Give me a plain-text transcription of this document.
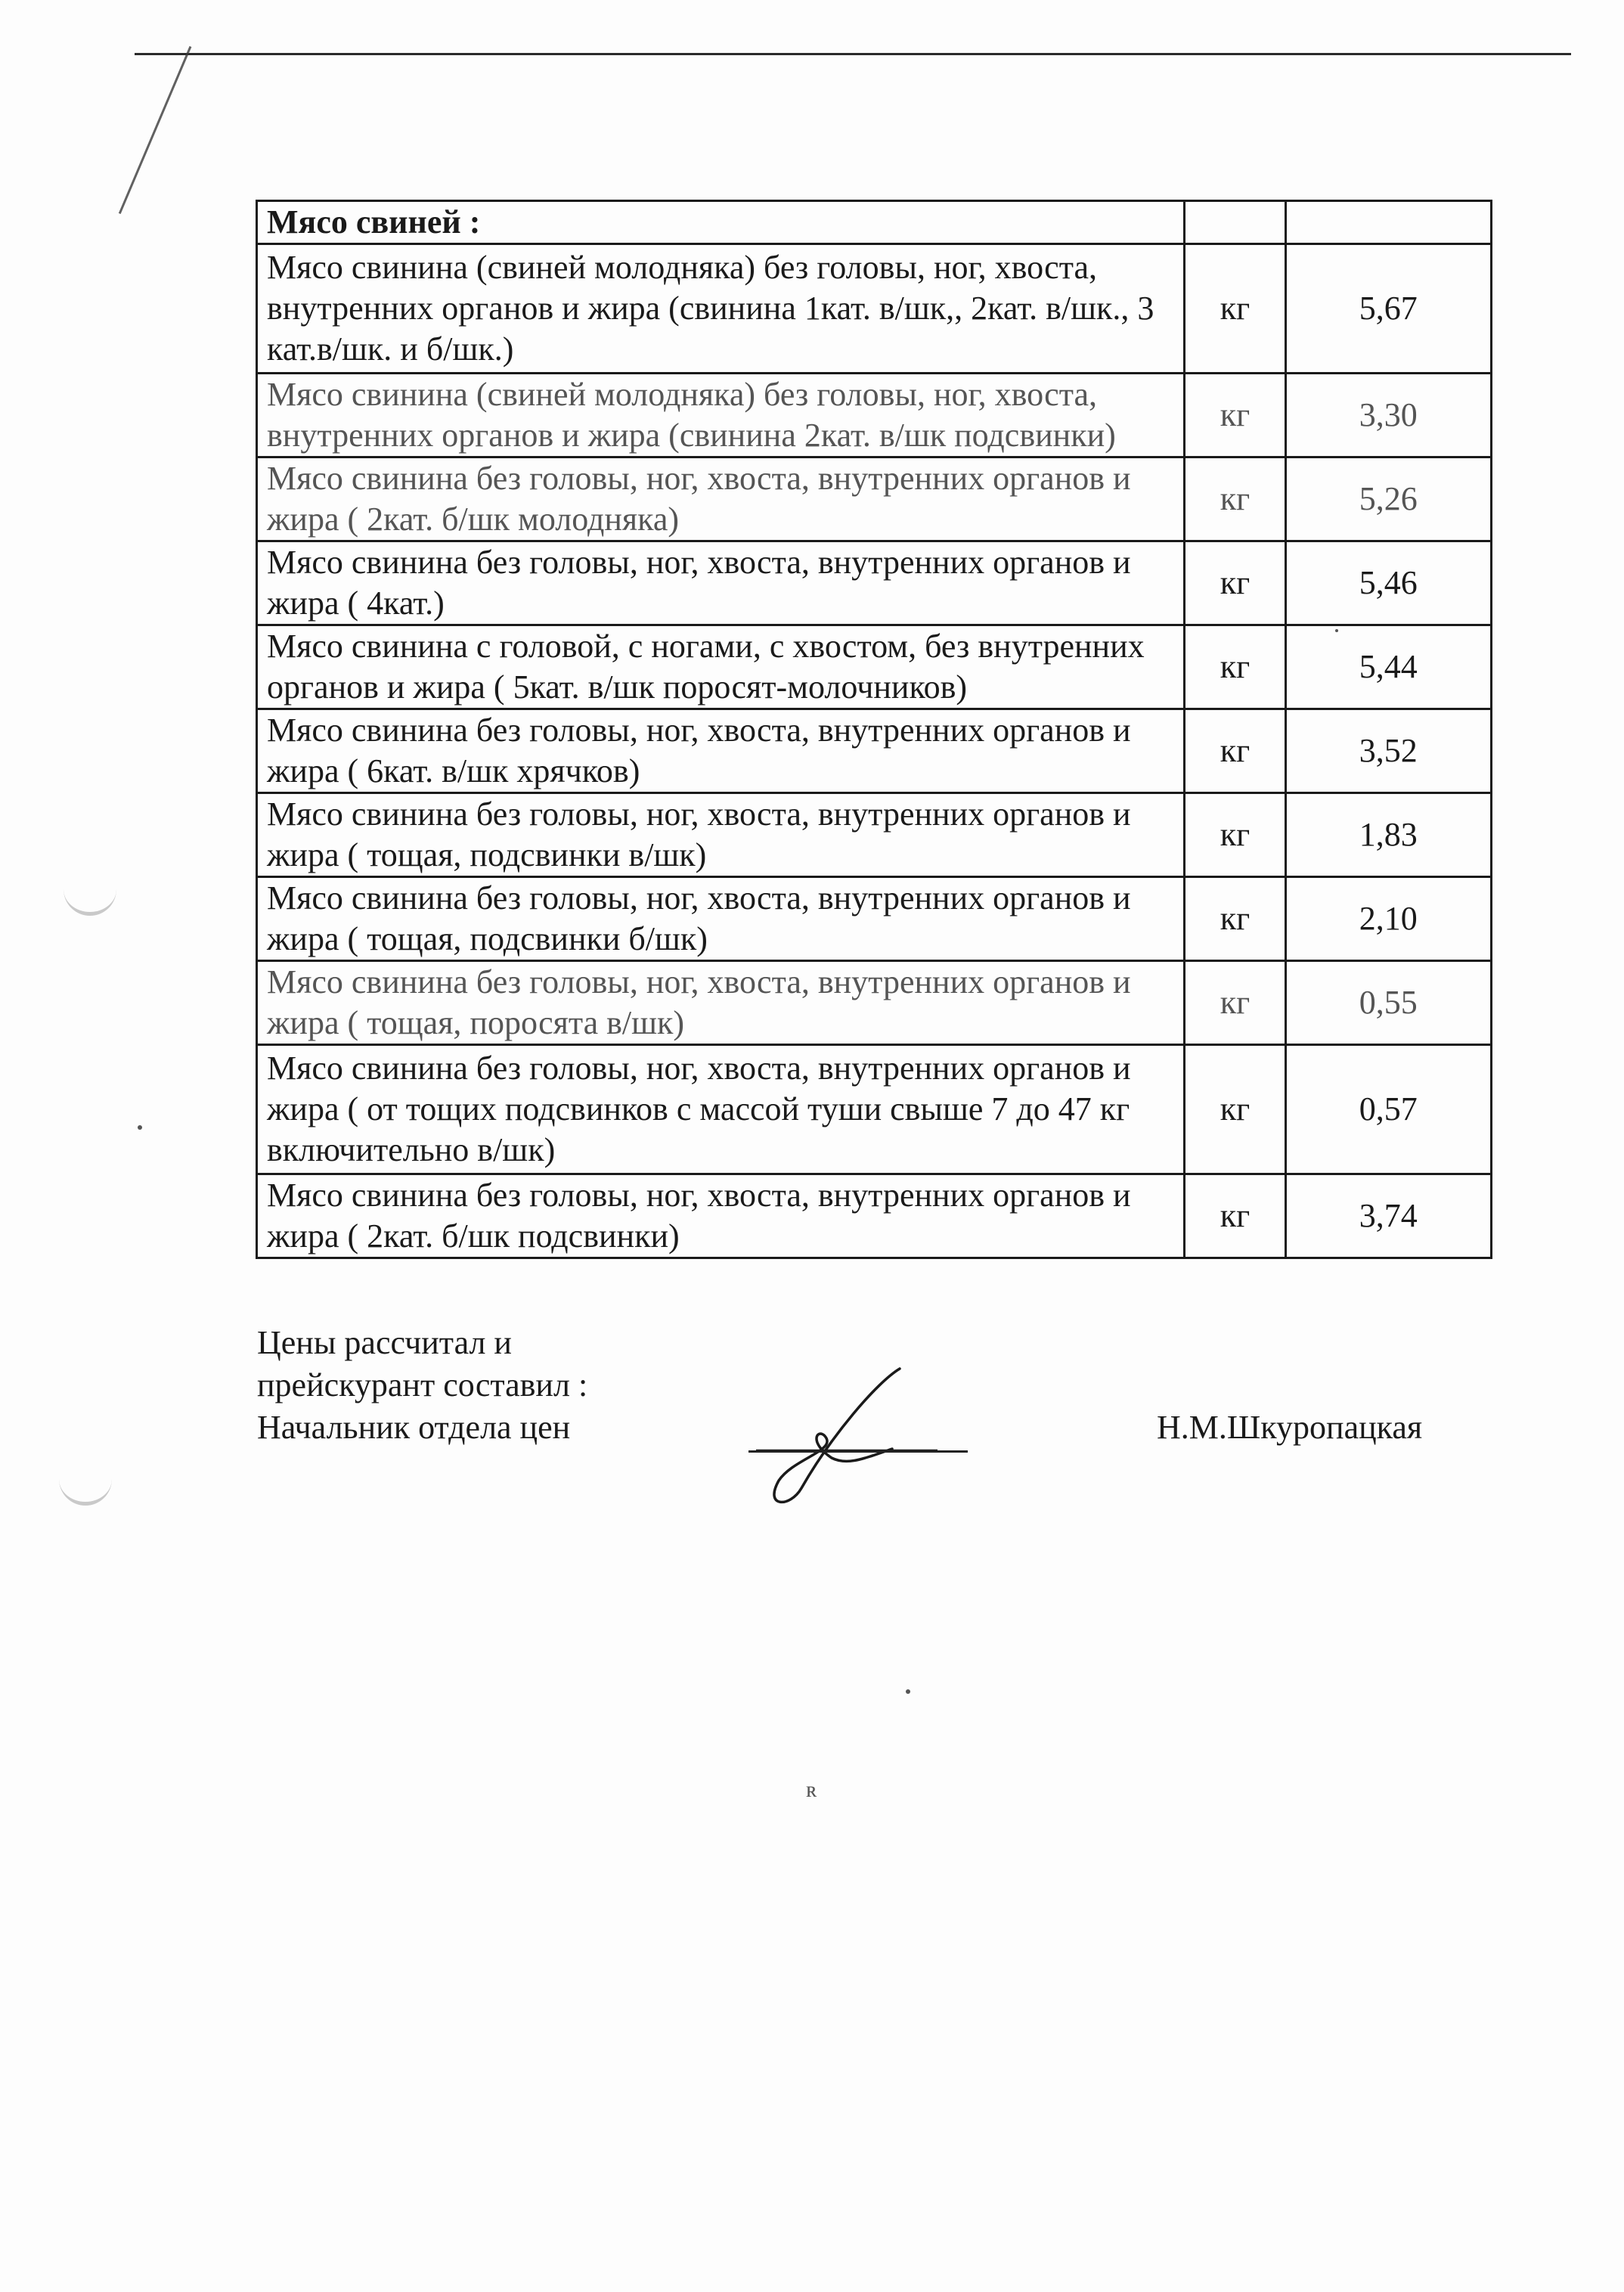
Мясо свиней :		

Мясо свинина (свиней молодняка) без головы, ног, хвоста,
внутренних органов и жира (свинина 1кат. в/шк,, 2кат. в/шк., 3
кат.в/шк. и б/шк.)	кг	5,67

Мясо свинина (свиней молодняка) без головы, ног, хвоста,
внутренних органов и жира (свинина 2кат. в/шк подсвинки)	кг	3,30

Мясо свинина без головы, ног, хвоста, внутренних органов и
жира ( 2кат. б/шк молодняка)	кг	5,26

Мясо свинина без головы, ног, хвоста, внутренних органов и
жира ( 4кат.)	кг	5,46

Мясо свинина с головой, с ногами, с хвостом, без внутренних
органов и жира ( 5кат. в/шк поросят-молочников)	кг	5,44

Мясо свинина без головы, ног, хвоста, внутренних органов и
жира ( 6кат. в/шк хрячков)	кг	3,52

Мясо свинина без головы, ног, хвоста, внутренних органов и
жира ( тощая, подсвинки в/шк)	кг	1,83

Мясо свинина без головы, ног, хвоста, внутренних органов и
жира ( тощая, подсвинки б/шк)	кг	2,10

Мясо свинина без головы, ног, хвоста, внутренних органов и
жира ( тощая, поросята в/шк)	кг	0,55

Мясо свинина без головы, ног, хвоста, внутренних органов и
жира ( от тощих подсвинков с массой туши свыше 7 до 47 кг
включительно в/шк)	кг	0,57

Мясо свинина без головы, ног, хвоста, внутренних органов и
жира ( 2кат. б/шк подсвинки)	кг	3,74
Цены рассчитал и
прейскурант составил :
Начальник отдела цен	Н.М.Шкуропацкая
ʀ
